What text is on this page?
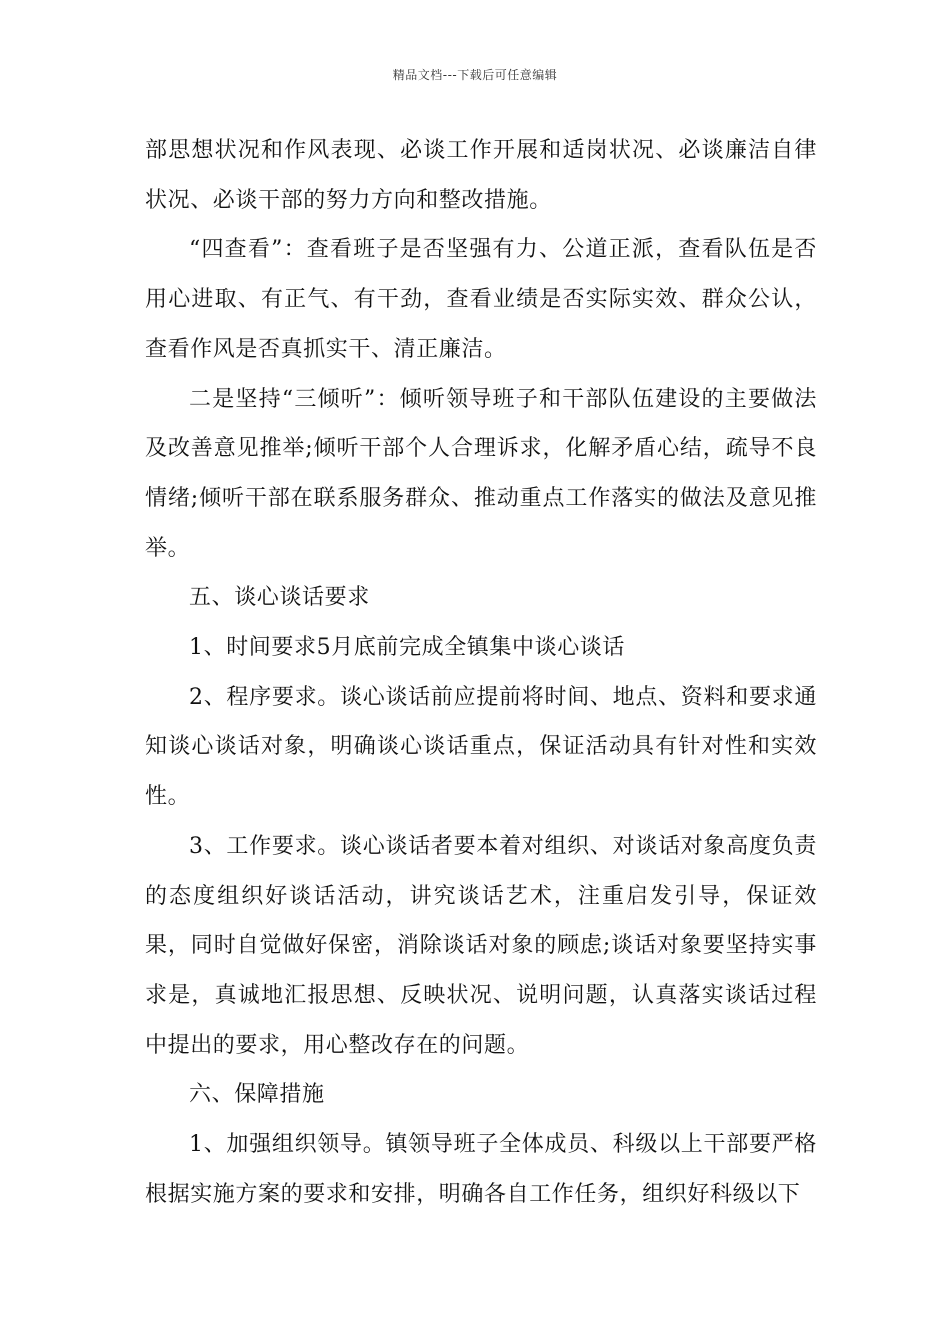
精品文档---下载后可任意编辑

部思想状况和作风表现、必谈工作开展和适岗状况、必谈廉洁自律状况、必谈干部的努力方向和整改措施。

“四查看”：查看班子是否坚强有力、公道正派，查看队伍是否用心进取、有正气、有干劲，查看业绩是否实际实效、群众公认，查看作风是否真抓实干、清正廉洁。

二是坚持“三倾听”：倾听领导班子和干部队伍建设的主要做法及改善意见推举;倾听干部个人合理诉求，化解矛盾心结，疏导不良情绪;倾听干部在联系服务群众、推动重点工作落实的做法及意见推举。

五、谈心谈话要求

1、时间要求5月底前完成全镇集中谈心谈话

2、程序要求。谈心谈话前应提前将时间、地点、资料和要求通知谈心谈话对象，明确谈心谈话重点，保证活动具有针对性和实效性。

3、工作要求。谈心谈话者要本着对组织、对谈话对象高度负责的态度组织好谈话活动，讲究谈话艺术，注重启发引导，保证效果，同时自觉做好保密，消除谈话对象的顾虑;谈话对象要坚持实事求是，真诚地汇报思想、反映状况、说明问题，认真落实谈话过程中提出的要求，用心整改存在的问题。

六、保障措施

1、加强组织领导。镇领导班子全体成员、科级以上干部要严格根据实施方案的要求和安排，明确各自工作任务，组织好科级以下
